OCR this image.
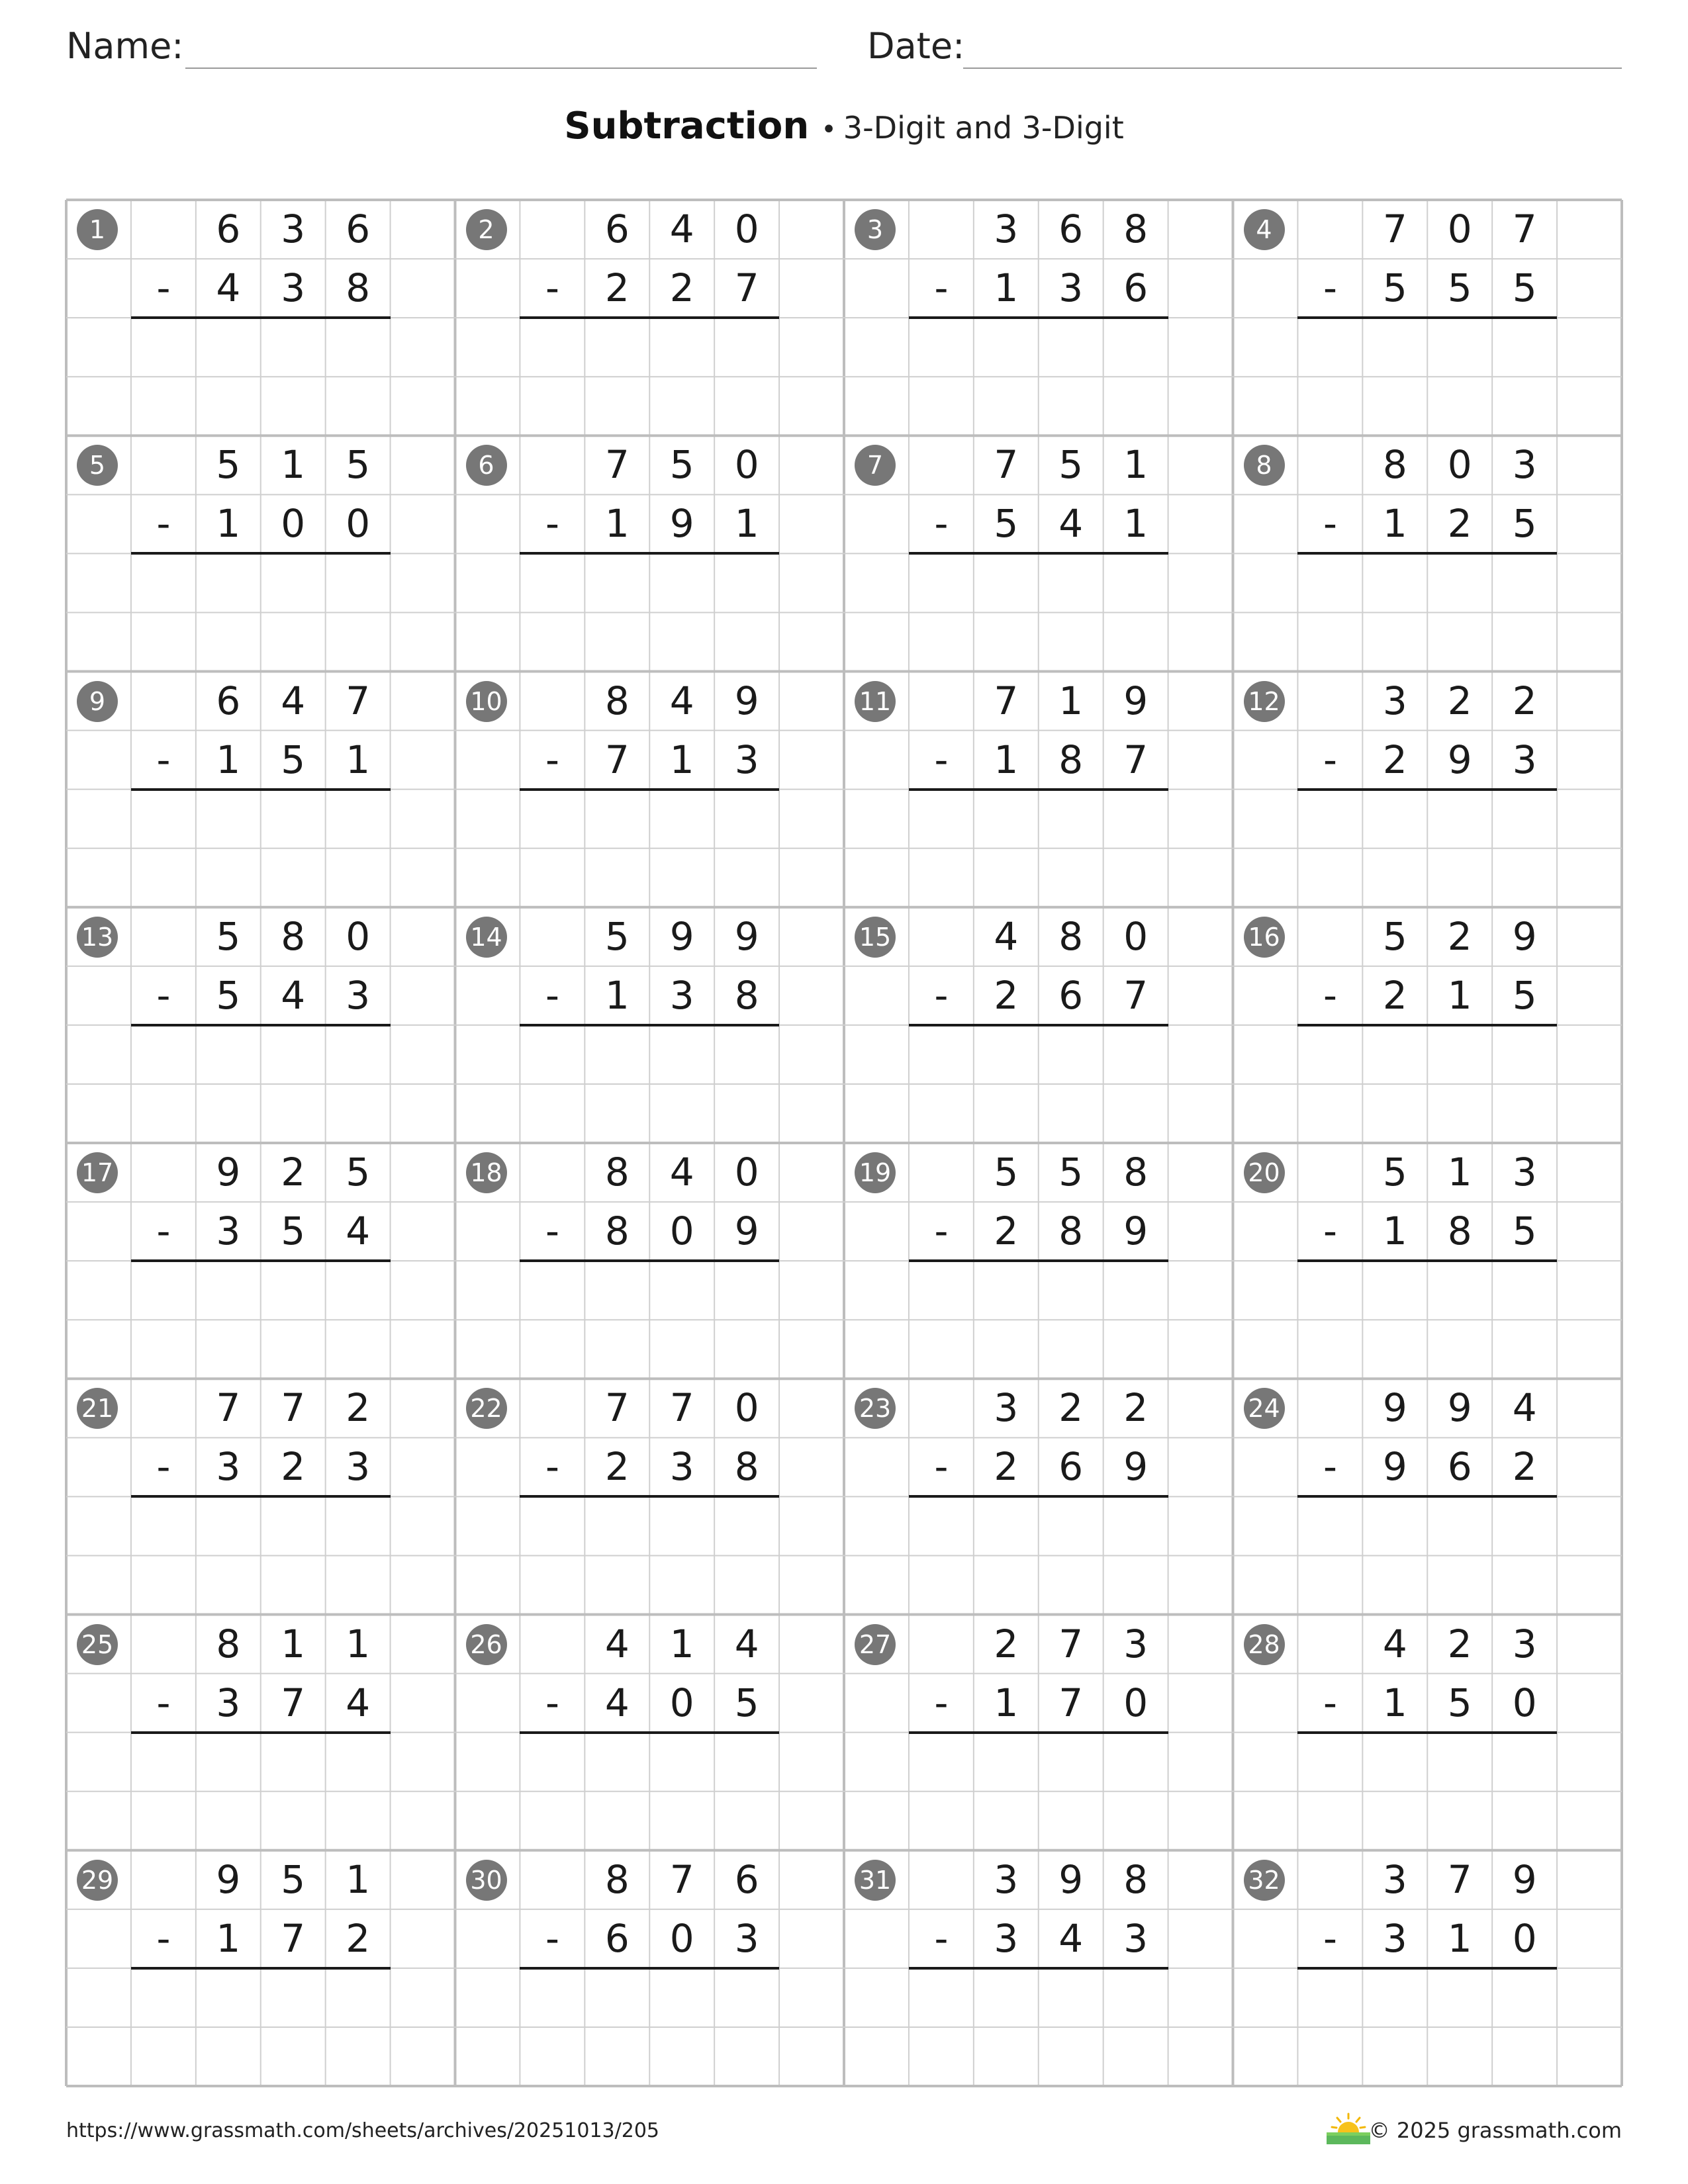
Name:	Date:
Subtraction • 3-Digit and 3-Digit
1	6	3	6
-	4	3	8
2	6	4	0
-	2	2	7
3	3	6	8
-	1	3	6
4	7	0	7
-	5	5	5
5	5	1	5
-	1	0	0
6	7	5	0
-	1	9	1
7	7	5	1
-	5	4	1
8	8	0	3
-	1	2	5
9	6	4	7
-	1	5	1
10	8	4	9
-	7	1	3
11	7	1	9
-	1	8	7
12	3	2	2
-	2	9	3
13	5	8	0
-	5	4	3
14	5	9	9
-	1	3	8
15	4	8	0
-	2	6	7
16	5	2	9
-	2	1	5
17	9	2	5
-	3	5	4
18	8	4	0
-	8	0	9
19	5	5	8
-	2	8	9
20	5	1	3
-	1	8	5
21	7	7	2
-	3	2	3
22	7	7	0
-	2	3	8
23	3	2	2
-	2	6	9
24	9	9	4
-	9	6	2
25	8	1	1
-	3	7	4
26	4	1	4
-	4	0	5
27	2	7	3
-	1	7	0
28	4	2	3
-	1	5	0
29	9	5	1
-	1	7	2
30	8	7	6
-	6	0	3
31	3	9	8
-	3	4	3
32	3	7	9
-	3	1	0
https://www.grassmath.com/sheets/archives/20251013/205	© 2025 grassmath.com
